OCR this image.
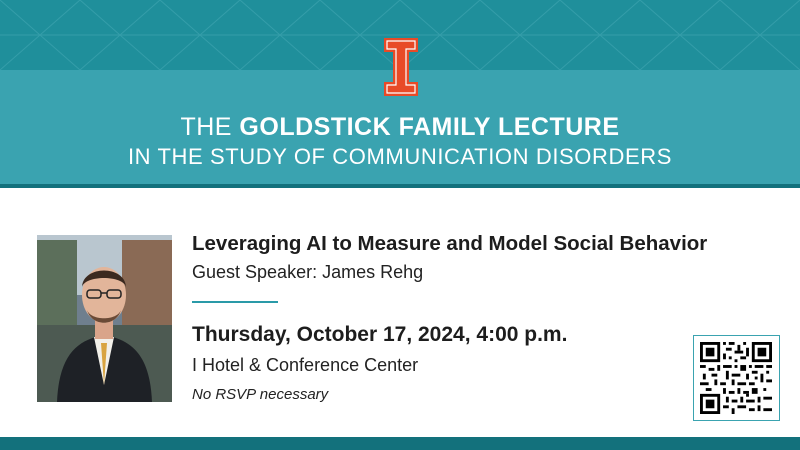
THE GOLDSTICK FAMILY LECTURE
IN THE STUDY OF COMMUNICATION DISORDERS
Leveraging AI to Measure and Model Social Behavior
Guest Speaker: James Rehg
Thursday, October 17, 2024, 4:00 p.m.
I Hotel & Conference Center
No RSVP necessary
